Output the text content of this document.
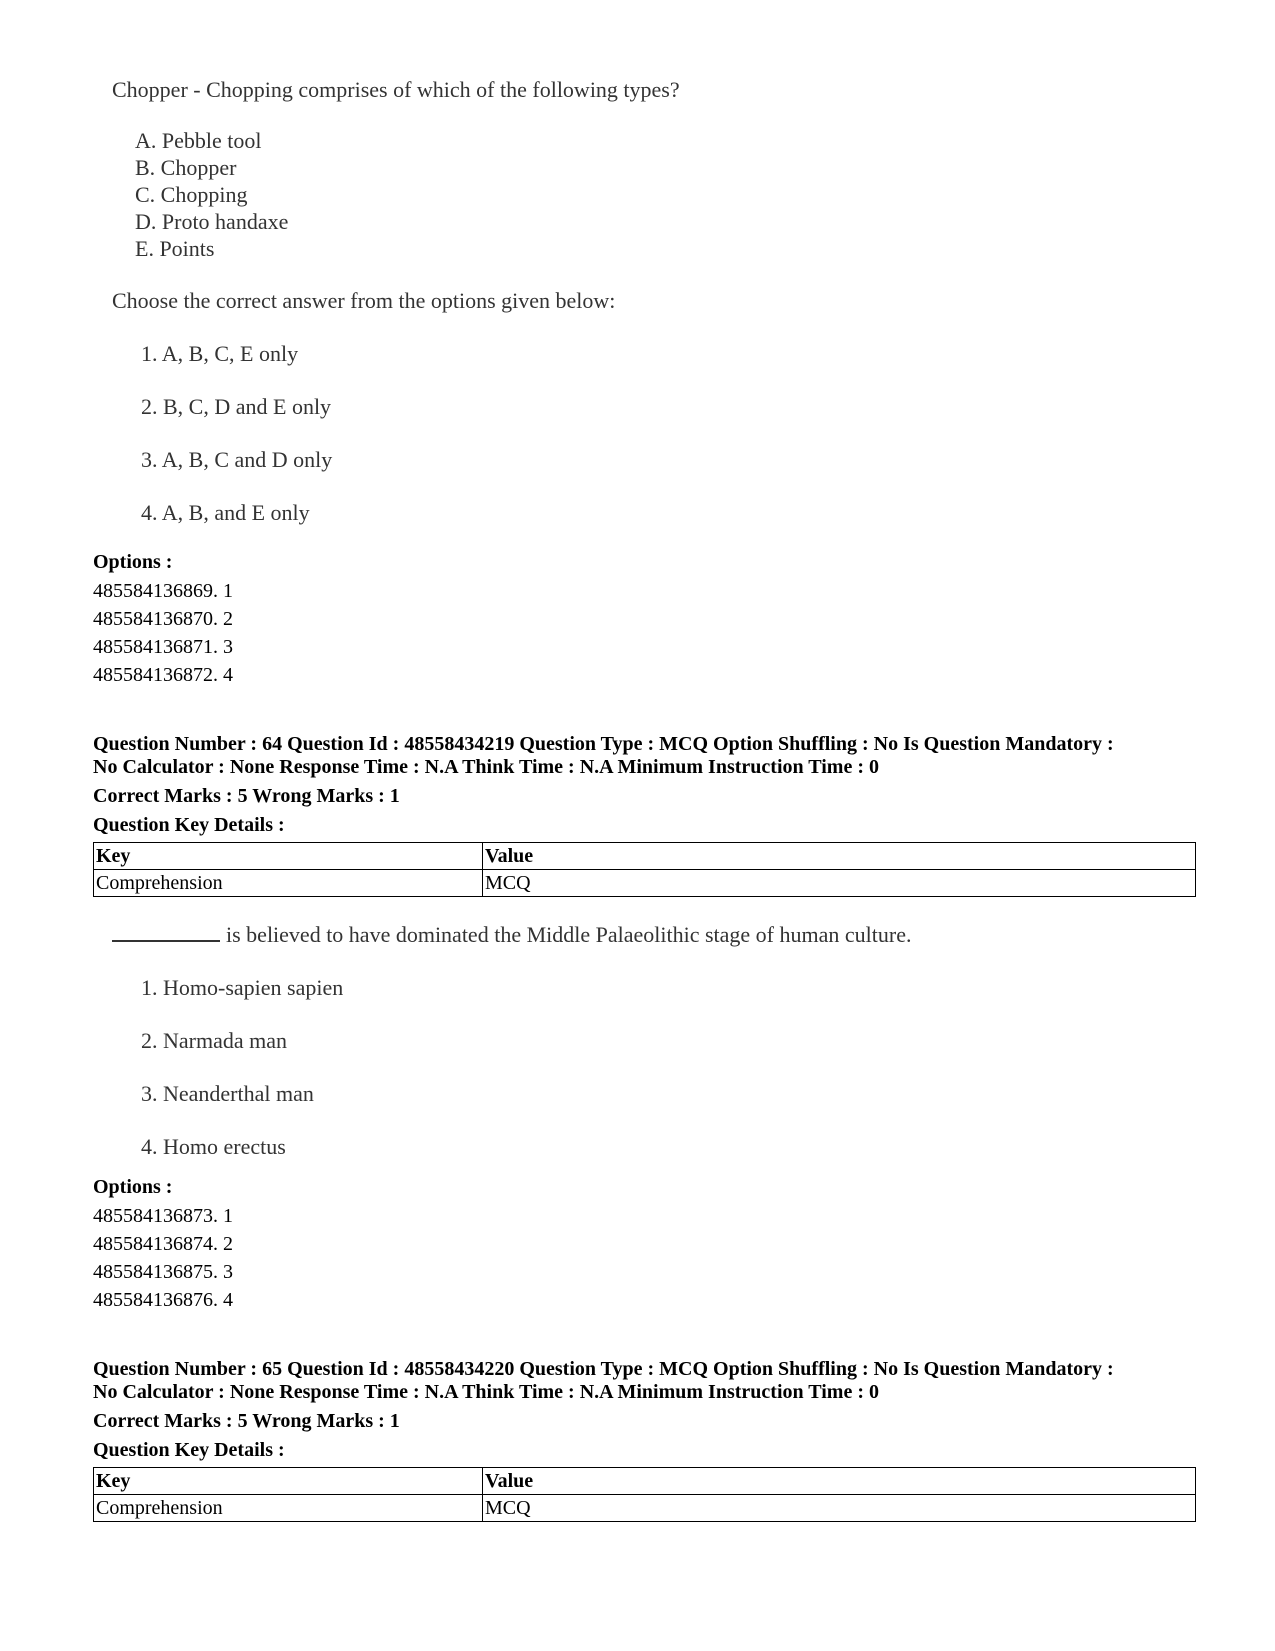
Chopper - Chopping comprises of which of the following types?
A. Pebble tool
B. Chopper
C. Chopping
D. Proto handaxe
E. Points
Choose the correct answer from the options given below:
1. A, B, C, E only
2. B, C, D and E only
3. A, B, C and D only
4. A, B, and E only
Options :
485584136869. 1
485584136870. 2
485584136871. 3
485584136872. 4
Question Number : 64 Question Id : 48558434219 Question Type : MCQ Option Shuffling : No Is Question Mandatory :
No Calculator : None Response Time : N.A Think Time : N.A Minimum Instruction Time : 0
Correct Marks : 5 Wrong Marks : 1
Question Key Details :
Key	Value
Comprehension	MCQ
is believed to have dominated the Middle Palaeolithic stage of human culture.
1. Homo-sapien sapien
2. Narmada man
3. Neanderthal man
4. Homo erectus
Options :
485584136873. 1
485584136874. 2
485584136875. 3
485584136876. 4
Question Number : 65 Question Id : 48558434220 Question Type : MCQ Option Shuffling : No Is Question Mandatory :
No Calculator : None Response Time : N.A Think Time : N.A Minimum Instruction Time : 0
Correct Marks : 5 Wrong Marks : 1
Question Key Details :
Key	Value
Comprehension	MCQ
